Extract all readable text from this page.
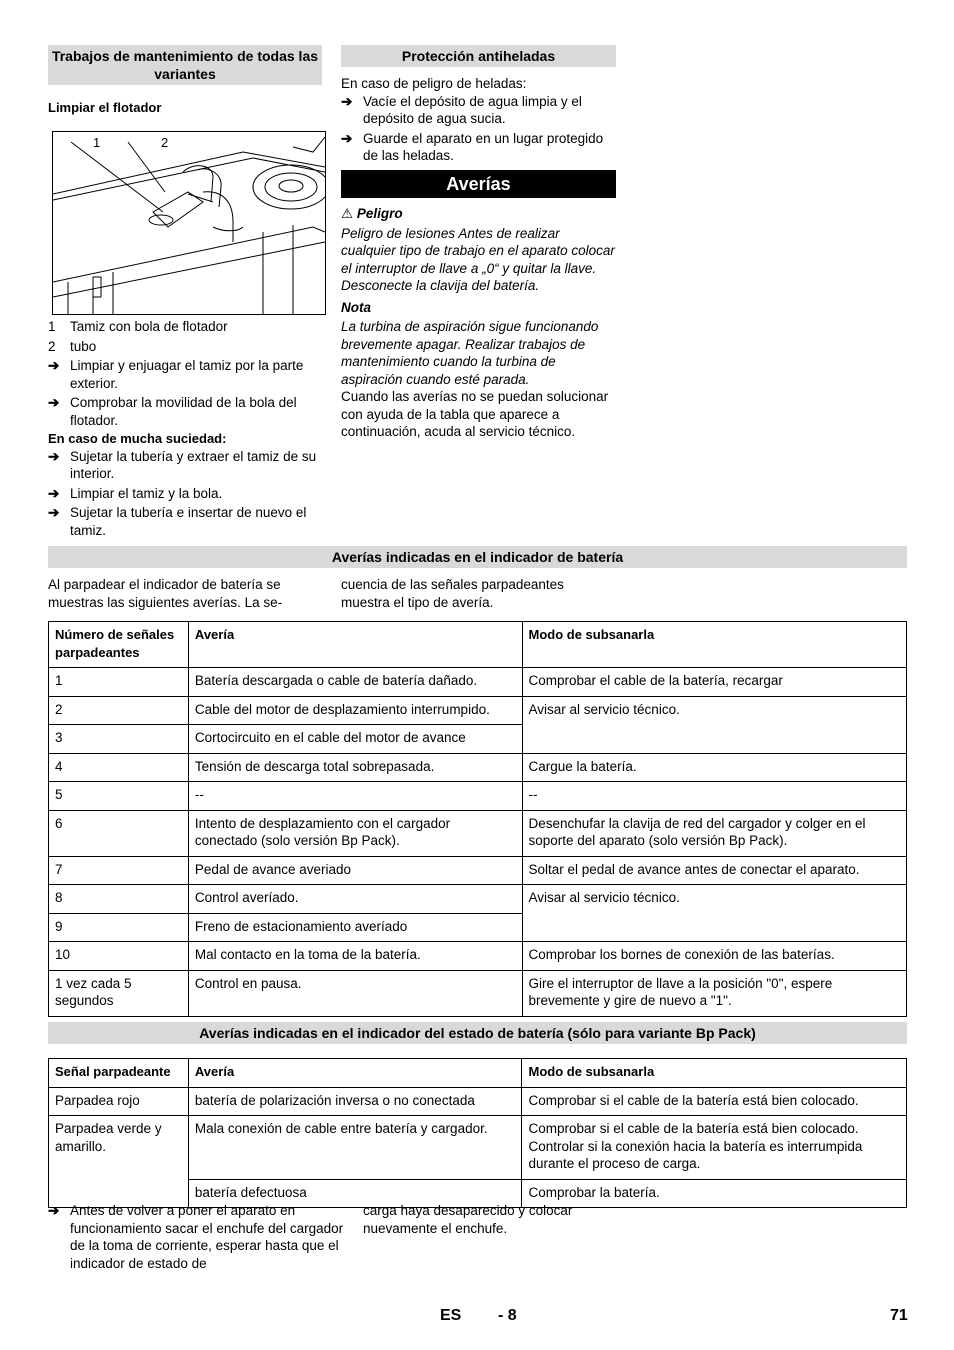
Trabajos de mantenimiento de todas las variantes
Limpiar el flotador
1	2
1 Tamiz con bola de flotador
2 tubo
➔ Limpiar y enjuagar el tamiz por la parte exterior.
➔ Comprobar la movilidad de la bola del flotador.
En caso de mucha suciedad:
➔ Sujetar la tubería y extraer el tamiz de su interior.
➔ Limpiar el tamiz y la bola.
➔ Sujetar la tubería e insertar de nuevo el tamiz.
Protección antiheladas
En caso de peligro de heladas:
➔ Vacíe el depósito de agua limpia y el depósito de agua sucia.
➔ Guarde el aparato en un lugar protegido de las heladas.
Averías
⚠ Peligro
Peligro de lesiones Antes de realizar cualquier tipo de trabajo en el aparato colocar el interruptor de llave a „0“ y quitar la llave. Desconecte la clavija del batería.
Nota
La turbina de aspiración sigue funcionando brevemente apagar. Realizar trabajos de mantenimiento cuando la turbina de aspiración cuando esté parada.
Cuando las averías no se puedan solucionar con ayuda de la tabla que aparece a continuación, acuda al servicio técnico.
Averías indicadas en el indicador de batería
Al parpadear el indicador de batería se muestras las siguientes averías. La se-
cuencia de las señales parpadeantes muestra el tipo de avería.
Número de señales parpadeantes	Avería	Modo de subsanarla
1	Batería descargada o cable de batería dañado.	Comprobar el cable de la batería, recargar
2	Cable del motor de desplazamiento interrumpido.	Avisar al servicio técnico.
3	Cortocircuito en el cable del motor de avance	
4	Tensión de descarga total sobrepasada.	Cargue la batería.
5	--	--
6	Intento de desplazamiento con el cargador conectado (solo versión Bp Pack).	Desenchufar la clavija de red del cargador y colger en el soporte del aparato (solo versión Bp Pack).
7	Pedal de avance averiado	Soltar el pedal de avance antes de conectar el aparato.
8	Control averíado.	Avisar al servicio técnico.
9	Freno de estacionamiento averíado	
10	Mal contacto en la toma de la batería.	Comprobar los bornes de conexión de las baterías.
1 vez cada 5 segundos	Control en pausa.	Gire el interruptor de llave a la posición "0", espere brevemente y gire de nuevo a "1".
Averías indicadas en el indicador del estado de batería (sólo para variante Bp Pack)
Señal parpadeante	Avería	Modo de subsanarla
Parpadea rojo	batería de polarización inversa o no conectada	Comprobar si el cable de la batería está bien colocado.
Parpadea verde y amarillo.	Mala conexión de cable entre batería y cargador.	Comprobar si el cable de la batería está bien colocado. Controlar si la conexión hacia la batería es interrumpida durante el proceso de carga.
	batería defectuosa	Comprobar la batería.
➔ Antes de volver a poner el aparato en funcionamiento sacar el enchufe del cargador de la toma de corriente, esperar hasta que el indicador de estado de
carga haya desaparecido y colocar nuevamente el enchufe.
ES - 8	71
